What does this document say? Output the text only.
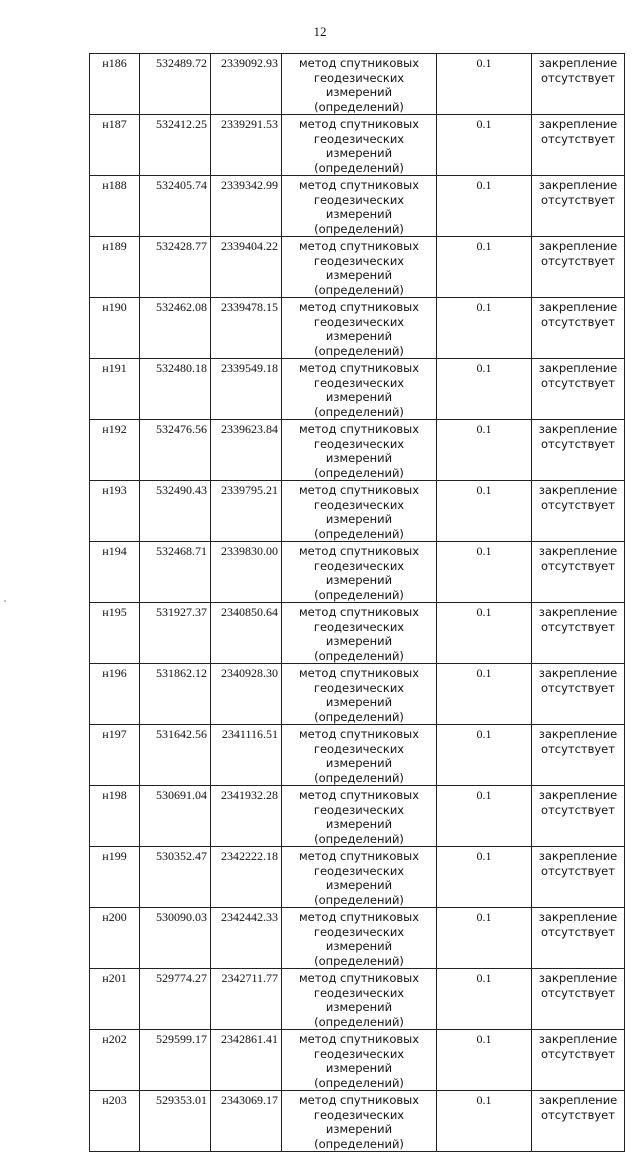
12
н186	532489.72	2339092.93	метод спутниковых геодезических измерений (определений)	0.1	закрепление отсутствует
н187	532412.25	2339291.53	метод спутниковых геодезических измерений (определений)	0.1	закрепление отсутствует
н188	532405.74	2339342.99	метод спутниковых геодезических измерений (определений)	0.1	закрепление отсутствует
н189	532428.77	2339404.22	метод спутниковых геодезических измерений (определений)	0.1	закрепление отсутствует
н190	532462.08	2339478.15	метод спутниковых геодезических измерений (определений)	0.1	закрепление отсутствует
н191	532480.18	2339549.18	метод спутниковых геодезических измерений (определений)	0.1	закрепление отсутствует
н192	532476.56	2339623.84	метод спутниковых геодезических измерений (определений)	0.1	закрепление отсутствует
н193	532490.43	2339795.21	метод спутниковых геодезических измерений (определений)	0.1	закрепление отсутствует
н194	532468.71	2339830.00	метод спутниковых геодезических измерений (определений)	0.1	закрепление отсутствует
н195	531927.37	2340850.64	метод спутниковых геодезических измерений (определений)	0.1	закрепление отсутствует
н196	531862.12	2340928.30	метод спутниковых геодезических измерений (определений)	0.1	закрепление отсутствует
н197	531642.56	2341116.51	метод спутниковых геодезических измерений (определений)	0.1	закрепление отсутствует
н198	530691.04	2341932.28	метод спутниковых геодезических измерений (определений)	0.1	закрепление отсутствует
н199	530352.47	2342222.18	метод спутниковых геодезических измерений (определений)	0.1	закрепление отсутствует
н200	530090.03	2342442.33	метод спутниковых геодезических измерений (определений)	0.1	закрепление отсутствует
н201	529774.27	2342711.77	метод спутниковых геодезических измерений (определений)	0.1	закрепление отсутствует
н202	529599.17	2342861.41	метод спутниковых геодезических измерений (определений)	0.1	закрепление отсутствует
н203	529353.01	2343069.17	метод спутниковых геодезических измерений (определений)	0.1	закрепление отсутствует
